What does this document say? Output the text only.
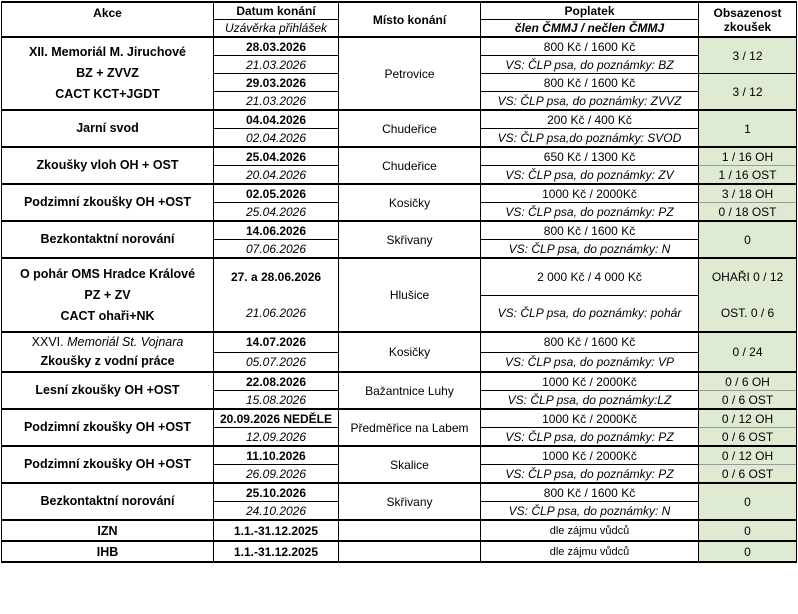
Akce	Datum konání	Místo konání	Poplatek	Obsazenost
zkoušek
	Uzávěrka přihlášek		člen ČMMJ / nečlen ČMMJ	
XII. Memoriál M. Jiruchové
BZ + ZVVZ
CACT KCT+JGDT	28.03.2026	Petrovice	800 Kč / 1600 Kč	3 / 12
	21.03.2026		VS: ČLP psa, do poznámky: BZ	
	29.03.2026		800 Kč / 1600 Kč	3 / 12
	21.03.2026		VS: ČLP psa, do poznámky: ZVVZ	
Jarní svod	04.04.2026	Chudeřice	200 Kč / 400 Kč	1
	02.04.2026		VS: ČLP psa,do poznámky: SVOD	
Zkoušky vloh OH + OST	25.04.2026	Chudeřice	650 Kč / 1300 Kč	1 / 16 OH
	20.04.2026		VS: ČLP psa, do poznámky: ZV	1 / 16 OST
Podzimní zkoušky OH +OST	02.05.2026	Kosičky	1000 Kč / 2000Kč	3 / 18 OH
	25.04.2026		VS: ČLP psa, do poznámky: PZ	0 / 18 OST
Bezkontaktní norování	14.06.2026	Skřivany	800 Kč / 1600 Kč	0
	07.06.2026		VS: ČLP psa, do poznámky: N	
O pohár OMS Hradce Králové
PZ + ZV
CACT ohaři+NK	27. a 28.06.2026	Hlušice	2 000 Kč / 4 000 Kč	OHAŘI 0 / 12
	21.06.2026		VS: ČLP psa, do poznámky: pohár	OST. 0 / 6
XXVI. Memoriál St. Vojnara
Zkoušky z vodní práce	14.07.2026	Kosičky	800 Kč / 1600 Kč	0 / 24
	05.07.2026		VS: ČLP psa, do poznámky: VP	
Lesní zkoušky OH +OST	22.08.2026	Bažantnice Luhy	1000 Kč / 2000Kč	0 / 6 OH
	15.08.2026		VS: ČLP psa, do poznámky:LZ	0 / 6 OST
Podzimní zkoušky OH +OST	20.09.2026 NEDĚLE	Předměřice na Labem	1000 Kč / 2000Kč	0 / 12 OH
	12.09.2026		VS: ČLP psa, do poznámky: PZ	0 / 6 OST
Podzimní zkoušky OH +OST	11.10.2026	Skalice	1000 Kč / 2000Kč	0 / 12 OH
	26.09.2026		VS: ČLP psa, do poznámky: PZ	0 / 6 OST
Bezkontaktní norování	25.10.2026	Skřivany	800 Kč / 1600 Kč	0
	24.10.2026		VS: ČLP psa, do poznámky: N	
IZN	1.1.-31.12.2025		dle zájmu vůdců	0
IHB	1.1.-31.12.2025		dle zájmu vůdců	0
